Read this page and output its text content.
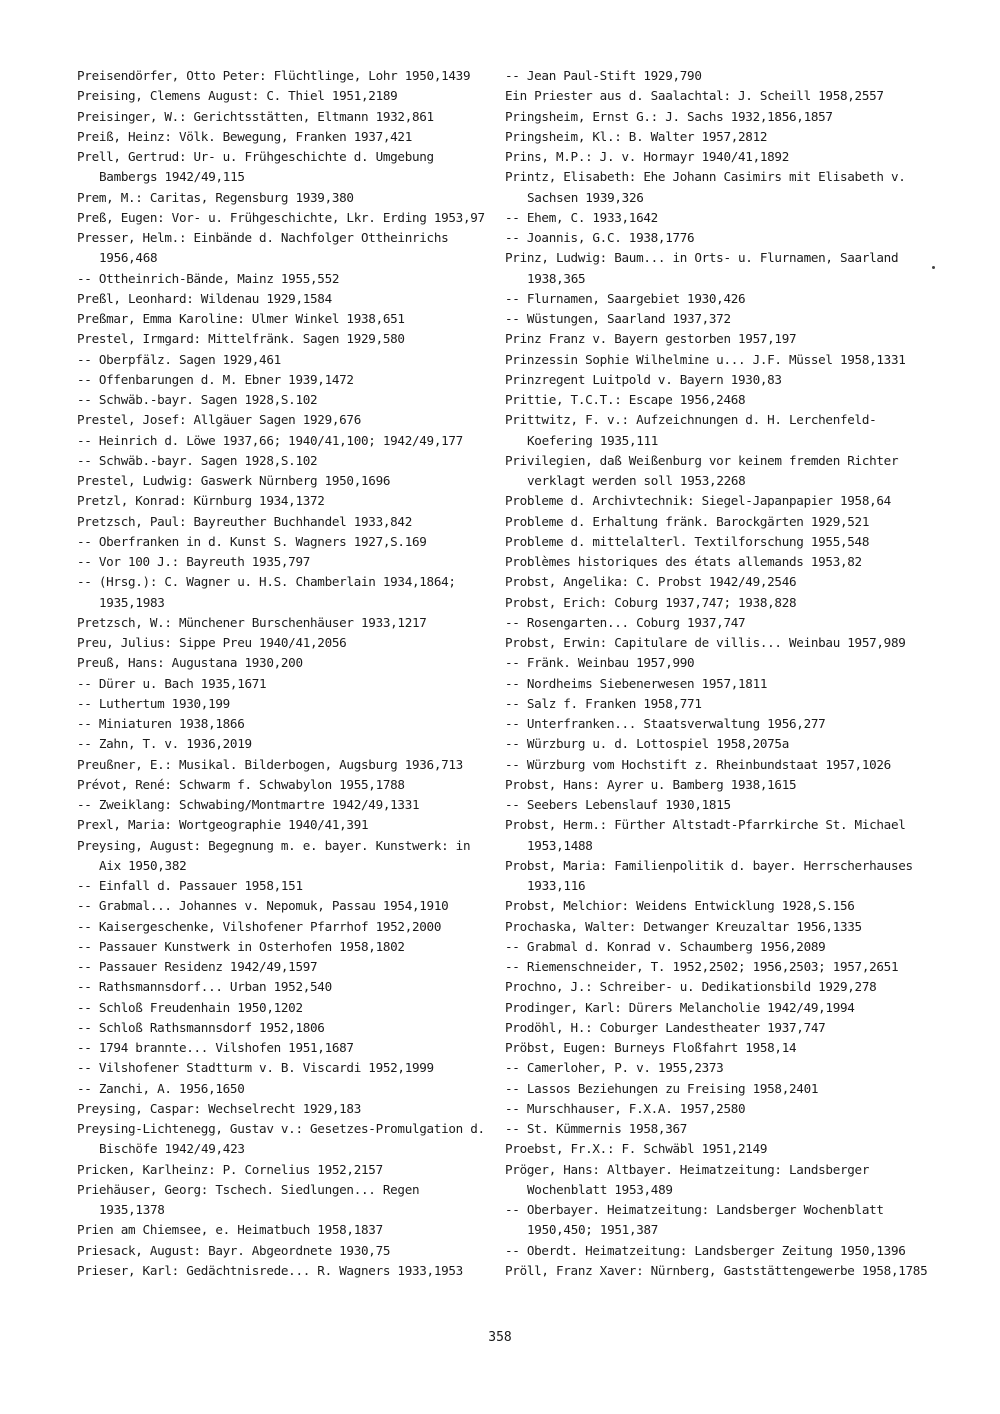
Preisendörfer, Otto Peter: Flüchtlinge, Lohr 1950,1439
Preising, Clemens August: C. Thiel 1951,2189
Preisinger, W.: Gerichtsstätten, Eltmann 1932,861
Preiß, Heinz: Völk. Bewegung, Franken 1937,421
Prell, Gertrud: Ur- u. Frühgeschichte d. Umgebung Bambergs 1942/49,115
Prem, M.: Caritas, Regensburg 1939,380
Preß, Eugen: Vor- u. Frühgeschichte, Lkr. Erding 1953,97
Presser, Helm.: Einbände d. Nachfolger Ottheinrichs 1956,468
-- Ottheinrich-Bände, Mainz 1955,552
Preßl, Leonhard: Wildenau 1929,1584
Preßmar, Emma Karoline: Ulmer Winkel 1938,651
Prestel, Irmgard: Mittelfränk. Sagen 1929,580
-- Oberpfälz. Sagen 1929,461
-- Offenbarungen d. M. Ebner 1939,1472
-- Schwäb.-bayr. Sagen 1928,S.102
Prestel, Josef: Allgäuer Sagen 1929,676
-- Heinrich d. Löwe 1937,66; 1940/41,100; 1942/49,177
-- Schwäb.-bayr. Sagen 1928,S.102
Prestel, Ludwig: Gaswerk Nürnberg 1950,1696
Pretzl, Konrad: Kürnburg 1934,1372
Pretzsch, Paul: Bayreuther Buchhandel 1933,842
-- Oberfranken in d. Kunst S. Wagners 1927,S.169
-- Vor 100 J.: Bayreuth 1935,797
-- (Hrsg.): C. Wagner u. H.S. Chamberlain 1934,1864; 1935,1983
Pretzsch, W.: Münchener Burschenhäuser 1933,1217
Preu, Julius: Sippe Preu 1940/41,2056
Preuß, Hans: Augustana 1930,200
-- Dürer u. Bach 1935,1671
-- Luthertum 1930,199
-- Miniaturen 1938,1866
-- Zahn, T. v. 1936,2019
Preußner, E.: Musikal. Bilderbogen, Augsburg 1936,713
Prévot, René: Schwarm f. Schwabylon 1955,1788
-- Zweiklang: Schwabing/Montmartre 1942/49,1331
Prexl, Maria: Wortgeographie 1940/41,391
Preysing, August: Begegnung m. e. bayer. Kunstwerk: in Aix 1950,382
-- Einfall d. Passauer 1958,151
-- Grabmal... Johannes v. Nepomuk, Passau 1954,1910
-- Kaisergeschenke, Vilshofener Pfarrhof 1952,2000
-- Passauer Kunstwerk in Osterhofen 1958,1802
-- Passauer Residenz 1942/49,1597
-- Rathsmannsdorf... Urban 1952,540
-- Schloß Freudenhain 1950,1202
-- Schloß Rathsmannsdorf 1952,1806
-- 1794 brannte... Vilshofen 1951,1687
-- Vilshofener Stadtturm v. B. Viscardi 1952,1999
-- Zanchi, A. 1956,1650
Preysing, Caspar: Wechselrecht 1929,183
Preysing-Lichtenegg, Gustav v.: Gesetzes-Promulgation d. Bischöfe 1942/49,423
Pricken, Karlheinz: P. Cornelius 1952,2157
Priehäuser, Georg: Tschech. Siedlungen... Regen 1935,1378
Prien am Chiemsee, e. Heimatbuch 1958,1837
Priesack, August: Bayr. Abgeordnete 1930,75
Prieser, Karl: Gedächtnisrede... R. Wagners 1933,1953
-- Jean Paul-Stift 1929,790
Ein Priester aus d. Saalachtal: J. Scheill 1958,2557
Pringsheim, Ernst G.: J. Sachs 1932,1856,1857
Pringsheim, Kl.: B. Walter 1957,2812
Prins, M.P.: J. v. Hormayr 1940/41,1892
Printz, Elisabeth: Ehe Johann Casimirs mit Elisabeth v. Sachsen 1939,326
-- Ehem, C. 1933,1642
-- Joannis, G.C. 1938,1776
Prinz, Ludwig: Baum... in Orts- u. Flurnamen, Saarland 1938,365
-- Flurnamen, Saargebiet 1930,426
-- Wüstungen, Saarland 1937,372
Prinz Franz v. Bayern gestorben 1957,197
Prinzessin Sophie Wilhelmine u... J.F. Müssel 1958,1331
Prinzregent Luitpold v. Bayern 1930,83
Prittie, T.C.T.: Escape 1956,2468
Prittwitz, F. v.: Aufzeichnungen d. H. Lerchenfeld-Koefering 1935,111
Privilegien, daß Weißenburg vor keinem fremden Richter verklagt werden soll 1953,2268
Probleme d. Archivtechnik: Siegel-Japanpapier 1958,64
Probleme d. Erhaltung fränk. Barockgärten 1929,521
Probleme d. mittelalterl. Textilforschung 1955,548
Problèmes historiques des états allemands 1953,82
Probst, Angelika: C. Probst 1942/49,2546
Probst, Erich: Coburg 1937,747; 1938,828
-- Rosengarten... Coburg 1937,747
Probst, Erwin: Capitulare de villis... Weinbau 1957,989
-- Fränk. Weinbau 1957,990
-- Nordheims Siebenerwesen 1957,1811
-- Salz f. Franken 1958,771
-- Unterfranken... Staatsverwaltung 1956,277
-- Würzburg u. d. Lottospiel 1958,2075a
-- Würzburg vom Hochstift z. Rheinbundstaat 1957,1026
Probst, Hans: Ayrer u. Bamberg 1938,1615
-- Seebers Lebenslauf 1930,1815
Probst, Herm.: Fürther Altstadt-Pfarrkirche St. Michael 1953,1488
Probst, Maria: Familienpolitik d. bayer. Herrscherhauses 1933,116
Probst, Melchior: Weidens Entwicklung 1928,S.156
Prochaska, Walter: Detwanger Kreuzaltar 1956,1335
-- Grabmal d. Konrad v. Schaumberg 1956,2089
-- Riemenschneider, T. 1952,2502; 1956,2503; 1957,2651
Prochno, J.: Schreiber- u. Dedikationsbild 1929,278
Prodinger, Karl: Dürers Melancholie 1942/49,1994
Prodöhl, H.: Coburger Landestheater 1937,747
Pröbst, Eugen: Burneys Floßfahrt 1958,14
-- Camerloher, P. v. 1955,2373
-- Lassos Beziehungen zu Freising 1958,2401
-- Murschhauser, F.X.A. 1957,2580
-- St. Kümmernis 1958,367
Proebst, Fr.X.: F. Schwäbl 1951,2149
Pröger, Hans: Altbayer. Heimatzeitung: Landsberger Wochenblatt 1953,489
-- Oberbayer. Heimatzeitung: Landsberger Wochenblatt 1950,450; 1951,387
-- Oberdt. Heimatzeitung: Landsberger Zeitung 1950,1396
Pröll, Franz Xaver: Nürnberg, Gaststättengewerbe 1958,1785
358
